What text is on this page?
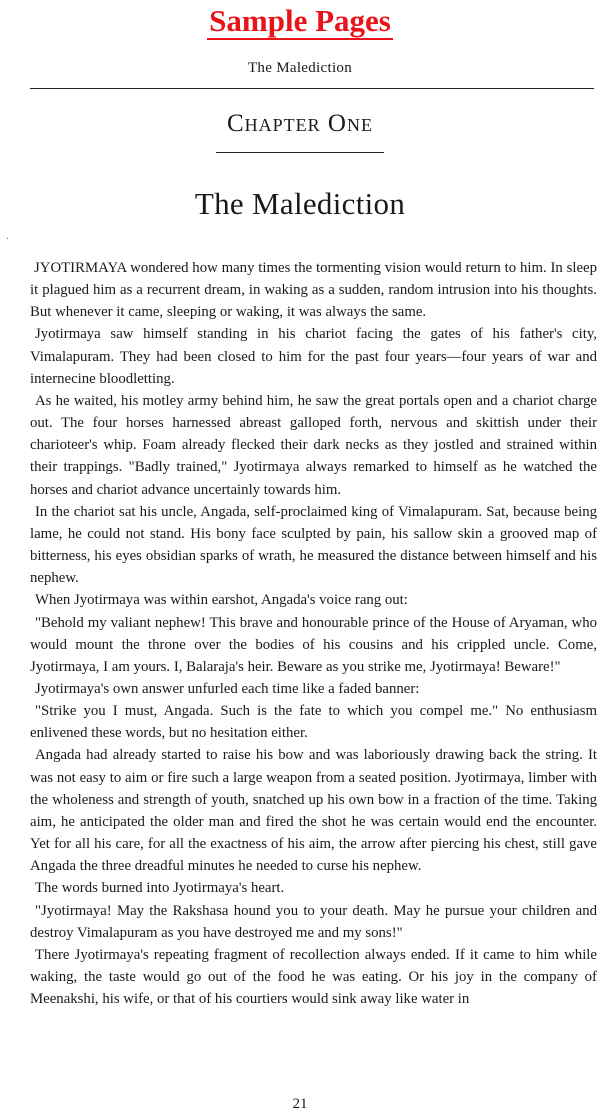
Sample Pages
The Malediction
Chapter One
The Malediction
·

JYOTIRMAYA wondered how many times the tormenting vision would return to him. In sleep it plagued him as a recurrent dream, in waking as a sudden, random intrusion into his thoughts. But whenever it came, sleeping or waking, it was always the same.

Jyotirmaya saw himself standing in his chariot facing the gates of his father's city, Vimalapuram. They had been closed to him for the past four years—four years of war and internecine bloodletting.

As he waited, his motley army behind him, he saw the great portals open and a chariot charge out. The four horses harnessed abreast galloped forth, nervous and skittish under their charioteer's whip. Foam already flecked their dark necks as they jostled and strained within their trappings. "Badly trained," Jyotirmaya always remarked to himself as he watched the horses and chariot advance uncertainly towards him.

In the chariot sat his uncle, Angada, self-proclaimed king of Vimalapuram. Sat, because being lame, he could not stand. His bony face sculpted by pain, his sallow skin a grooved map of bitterness, his eyes obsidian sparks of wrath, he measured the distance between himself and his nephew.

When Jyotirmaya was within earshot, Angada's voice rang out:

"Behold my valiant nephew! This brave and honourable prince of the House of Aryaman, who would mount the throne over the bodies of his cousins and his crippled uncle. Come, Jyotirmaya, I am yours. I, Balaraja's heir. Beware as you strike me, Jyotirmaya! Beware!"

Jyotirmaya's own answer unfurled each time like a faded banner:

"Strike you I must, Angada. Such is the fate to which you compel me." No enthusiasm enlivened these words, but no hesitation either.

Angada had already started to raise his bow and was laboriously drawing back the string. It was not easy to aim or fire such a large weapon from a seated position. Jyotirmaya, limber with the wholeness and strength of youth, snatched up his own bow in a fraction of the time. Taking aim, he anticipated the older man and fired the shot he was certain would end the encounter. Yet for all his care, for all the exactness of his aim, the arrow after piercing his chest, still gave Angada the three dreadful minutes he needed to curse his nephew.

The words burned into Jyotirmaya's heart.

"Jyotirmaya! May the Rakshasa hound you to your death. May he pursue your children and destroy Vimalapuram as you have destroyed me and my sons!"

There Jyotirmaya's repeating fragment of recollection always ended. If it came to him while waking, the taste would go out of the food he was eating. Or his joy in the company of Meenakshi, his wife, or that of his courtiers would sink away like water in

21
